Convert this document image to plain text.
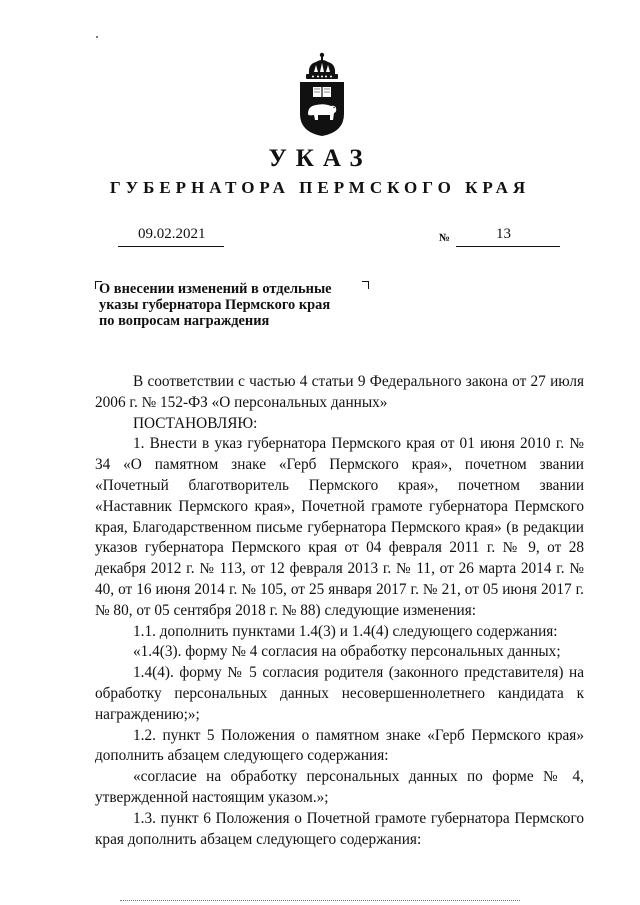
УКАЗ
ГУБЕРНАТОРА ПЕРМСКОГО КРАЯ
09.02.2021	№	13
О внесении изменений в отдельные
указы губернатора Пермского края
по вопросам награждения

В соответствии с частью 4 статьи 9 Федерального закона от 27 июля 2006 г. № 152-ФЗ «О персональных данных»

ПОСТАНОВЛЯЮ:

1. Внести в указ губернатора Пермского края от 01 июня 2010 г. № 34 «О памятном знаке «Герб Пермского края», почетном звании «Почетный благотворитель Пермского края», почетном звании «Наставник Пермского края», Почетной грамоте губернатора Пермского края, Благодарственном письме губернатора Пермского края» (в редакции указов губернатора Пермского края от 04 февраля 2011 г. № 9, от 28 декабря 2012 г. № 113, от 12 февраля 2013 г. № 11, от 26 марта 2014 г. № 40, от 16 июня 2014 г. № 105, от 25 января 2017 г. № 21, от 05 июня 2017 г. № 80, от 05 сентября 2018 г. № 88) следующие изменения:

1.1. дополнить пунктами 1.4(3) и 1.4(4) следующего содержания:

«1.4(3). форму № 4 согласия на обработку персональных данных;

1.4(4). форму № 5 согласия родителя (законного представителя) на обработку персональных данных несовершеннолетнего кандидата к награждению;»;

1.2. пункт 5 Положения о памятном знаке «Герб Пермского края» дополнить абзацем следующего содержания:

«согласие на обработку персональных данных по форме № 4, утвержденной настоящим указом.»;

1.3. пункт 6 Положения о Почетной грамоте губернатора Пермского края дополнить абзацем следующего содержания:
